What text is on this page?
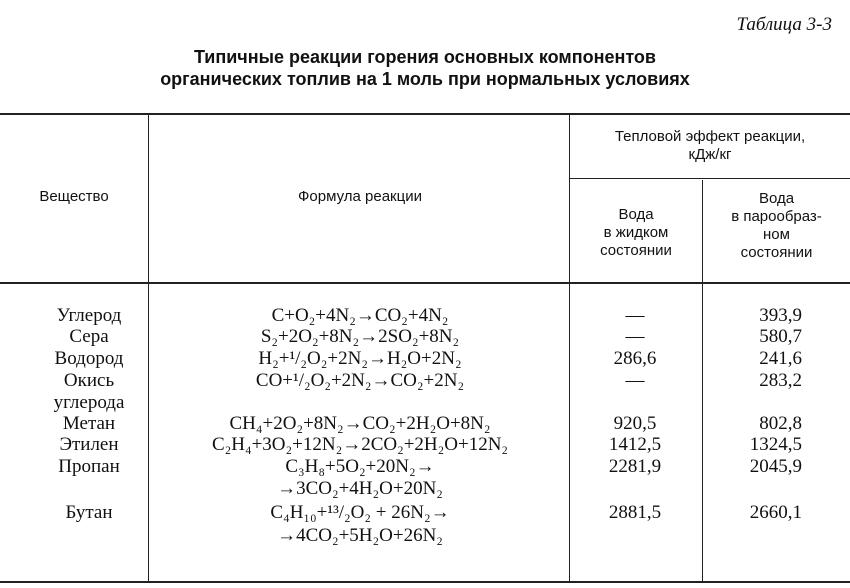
Таблица 3-3
Типичные реакции горения основных компонентов
органических топлив на 1 моль при нормальных условиях
Вещество	Формула реакции
Тепловой эффект реакции,
кДж/кг
Вода
в жидком
состоянии
Вода
в парообраз-
ном
состоянии
Углерод	C+O₂+4N₂→CO₂+4N₂	—	393,9
Сера	S₂+2O₂+8N₂→2SO₂+8N₂	—	580,7
Водород	H₂+¹/₂O₂+2N₂→H₂O+2N₂	286,6	241,6
Окись	CO+¹/₂O₂+2N₂→CO₂+2N₂	—	283,2
углерода
Метан	CH₄+2O₂+8N₂→CO₂+2H₂O+8N₂	920,5	802,8
Этилен	C₂H₄+3O₂+12N₂→2CO₂+2H₂O+12N₂	1412,5	1324,5
Пропан	C₃H₈+5O₂+20N₂→	2281,9	2045,9
→3CO₂+4H₂O+20N₂
Бутан	C₄H₁₀+¹³/₂O₂ + 26N₂→	2881,5	2660,1
→4CO₂+5H₂O+26N₂
